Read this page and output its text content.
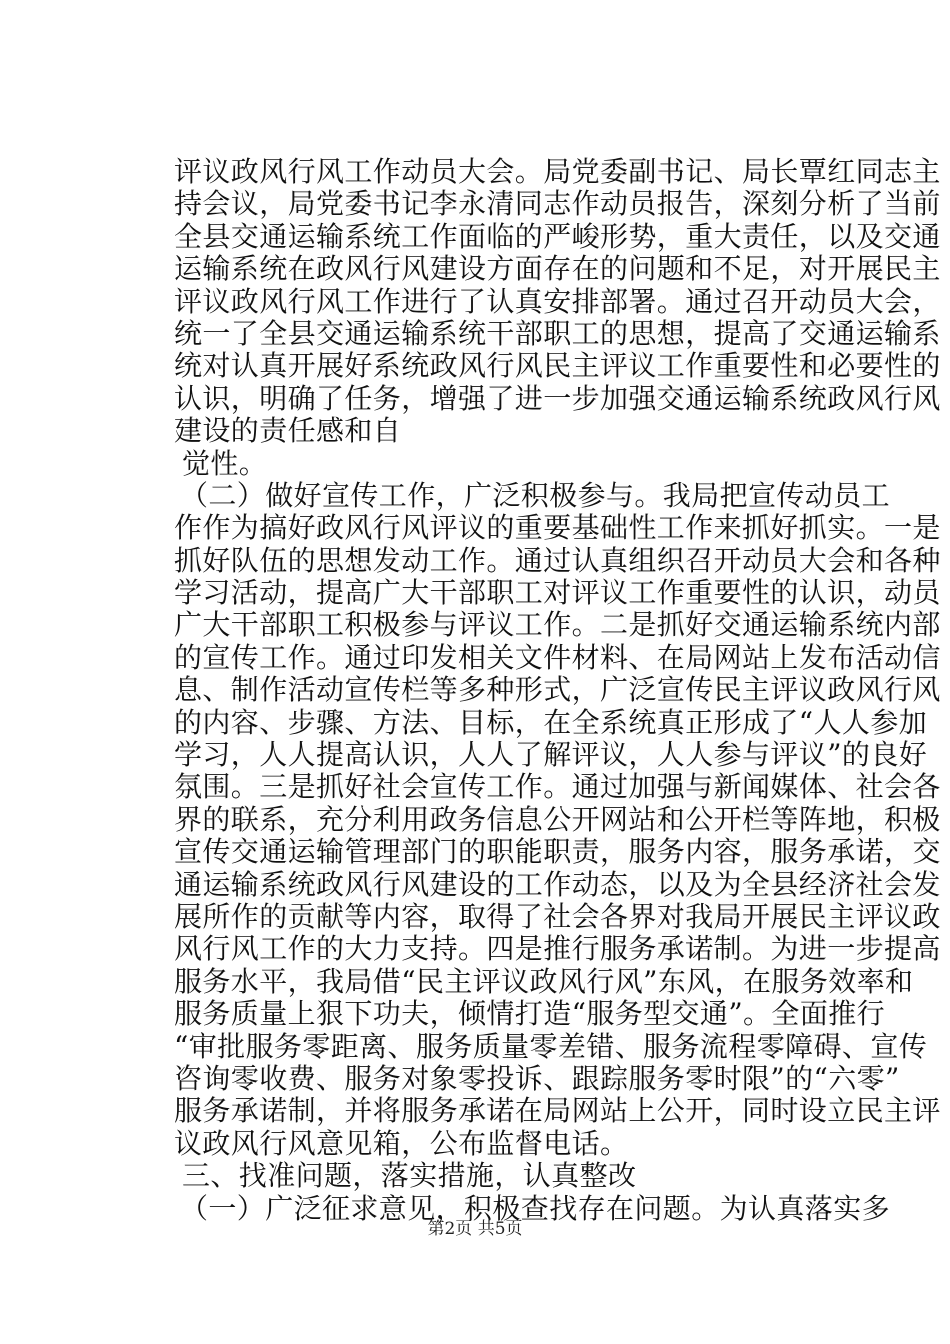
评议政风行风工作动员大会。局党委副书记、局长覃红同志主
持会议，局党委书记李永清同志作动员报告，深刻分析了当前
全县交通运输系统工作面临的严峻形势，重大责任，以及交通
运输系统在政风行风建设方面存在的问题和不足，对开展民主
评议政风行风工作进行了认真安排部署。通过召开动员大会，
统一了全县交通运输系统干部职工的思想，提高了交通运输系
统对认真开展好系统政风行风民主评议工作重要性和必要性的
认识，明确了任务，增强了进一步加强交通运输系统政风行风
建设的责任感和自
觉性。
（二）做好宣传工作，广泛积极参与。我局把宣传动员工
作作为搞好政风行风评议的重要基础性工作来抓好抓实。一是
抓好队伍的思想发动工作。通过认真组织召开动员大会和各种
学习活动，提高广大干部职工对评议工作重要性的认识，动员
广大干部职工积极参与评议工作。二是抓好交通运输系统内部
的宣传工作。通过印发相关文件材料、在局网站上发布活动信
息、制作活动宣传栏等多种形式，广泛宣传民主评议政风行风
的内容、步骤、方法、目标，在全系统真正形成了“人人参加
学习，人人提高认识，人人了解评议，人人参与评议”的良好
氛围。三是抓好社会宣传工作。通过加强与新闻媒体、社会各
界的联系，充分利用政务信息公开网站和公开栏等阵地，积极
宣传交通运输管理部门的职能职责，服务内容，服务承诺，交
通运输系统政风行风建设的工作动态，以及为全县经济社会发
展所作的贡献等内容，取得了社会各界对我局开展民主评议政
风行风工作的大力支持。四是推行服务承诺制。为进一步提高
服务水平，我局借“民主评议政风行风”东风，在服务效率和
服务质量上狠下功夫，倾情打造“服务型交通”。全面推行
“审批服务零距离、服务质量零差错、服务流程零障碍、宣传
咨询零收费、服务对象零投诉、跟踪服务零时限”的“六零”
服务承诺制，并将服务承诺在局网站上公开，同时设立民主评
议政风行风意见箱，公布监督电话。
三、找准问题，落实措施，认真整改
（一）广泛征求意见，积极查找存在问题。为认真落实多
第2页 共5页
